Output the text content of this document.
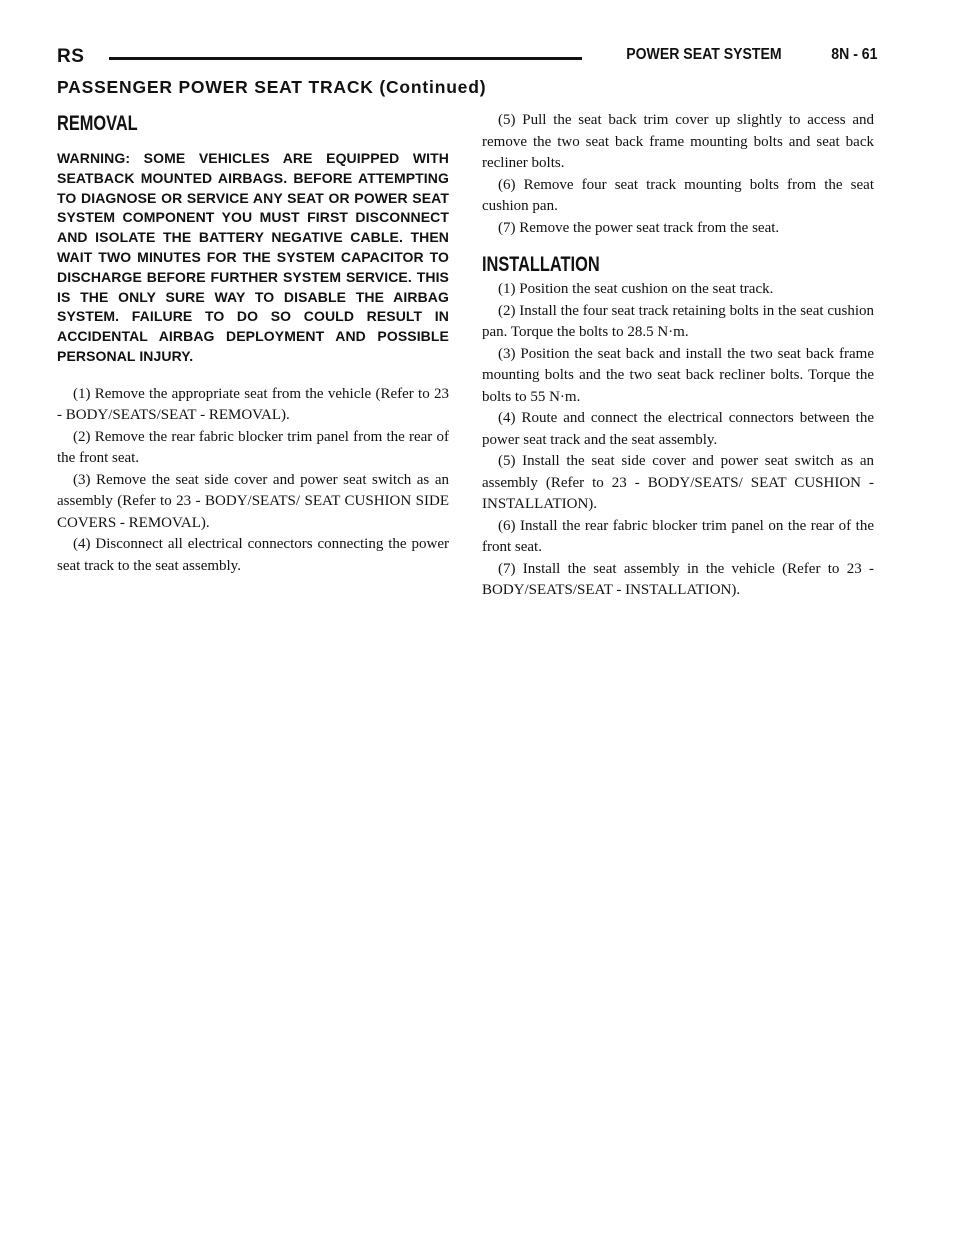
RS	POWER SEAT SYSTEM	8N - 61
PASSENGER POWER SEAT TRACK (Continued)
REMOVAL

WARNING: SOME VEHICLES ARE EQUIPPED WITH SEATBACK MOUNTED AIRBAGS. BEFORE ATTEMPTING TO DIAGNOSE OR SERVICE ANY SEAT OR POWER SEAT SYSTEM COMPONENT YOU MUST FIRST DISCONNECT AND ISOLATE THE BATTERY NEGATIVE CABLE. THEN WAIT TWO MINUTES FOR THE SYSTEM CAPACITOR TO DISCHARGE BEFORE FURTHER SYSTEM SERVICE. THIS IS THE ONLY SURE WAY TO DISABLE THE AIRBAG SYSTEM. FAILURE TO DO SO COULD RESULT IN ACCIDENTAL AIRBAG DEPLOYMENT AND POSSIBLE PERSONAL INJURY.

(1) Remove the appropriate seat from the vehicle (Refer to 23 - BODY/SEATS/SEAT - REMOVAL).

(2) Remove the rear fabric blocker trim panel from the rear of the front seat.

(3) Remove the seat side cover and power seat switch as an assembly (Refer to 23 - BODY/SEATS/ SEAT CUSHION SIDE COVERS - REMOVAL).

(4) Disconnect all electrical connectors connecting the power seat track to the seat assembly.

(5) Pull the seat back trim cover up slightly to access and remove the two seat back frame mounting bolts and seat back recliner bolts.

(6) Remove four seat track mounting bolts from the seat cushion pan.

(7) Remove the power seat track from the seat.

INSTALLATION

(1) Position the seat cushion on the seat track.

(2) Install the four seat track retaining bolts in the seat cushion pan. Torque the bolts to 28.5 N·m.

(3) Position the seat back and install the two seat back frame mounting bolts and the two seat back recliner bolts. Torque the bolts to 55 N·m.

(4) Route and connect the electrical connectors between the power seat track and the seat assembly.

(5) Install the seat side cover and power seat switch as an assembly (Refer to 23 - BODY/SEATS/ SEAT CUSHION - INSTALLATION).

(6) Install the rear fabric blocker trim panel on the rear of the front seat.

(7) Install the seat assembly in the vehicle (Refer to 23 - BODY/SEATS/SEAT - INSTALLATION).
